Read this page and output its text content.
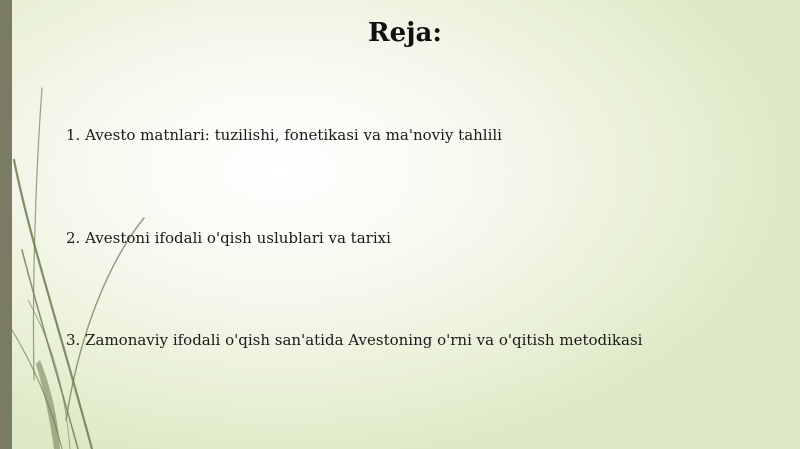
Reja:
1. Avesto matnlari: tuzilishi, fonetikasi va ma'noviy tahlili
2. Avestoni ifodali o'qish uslublari va tarixi
3. Zamonaviy ifodali o'qish san'atida Avestoning o'rni va o'qitish metodikasi
